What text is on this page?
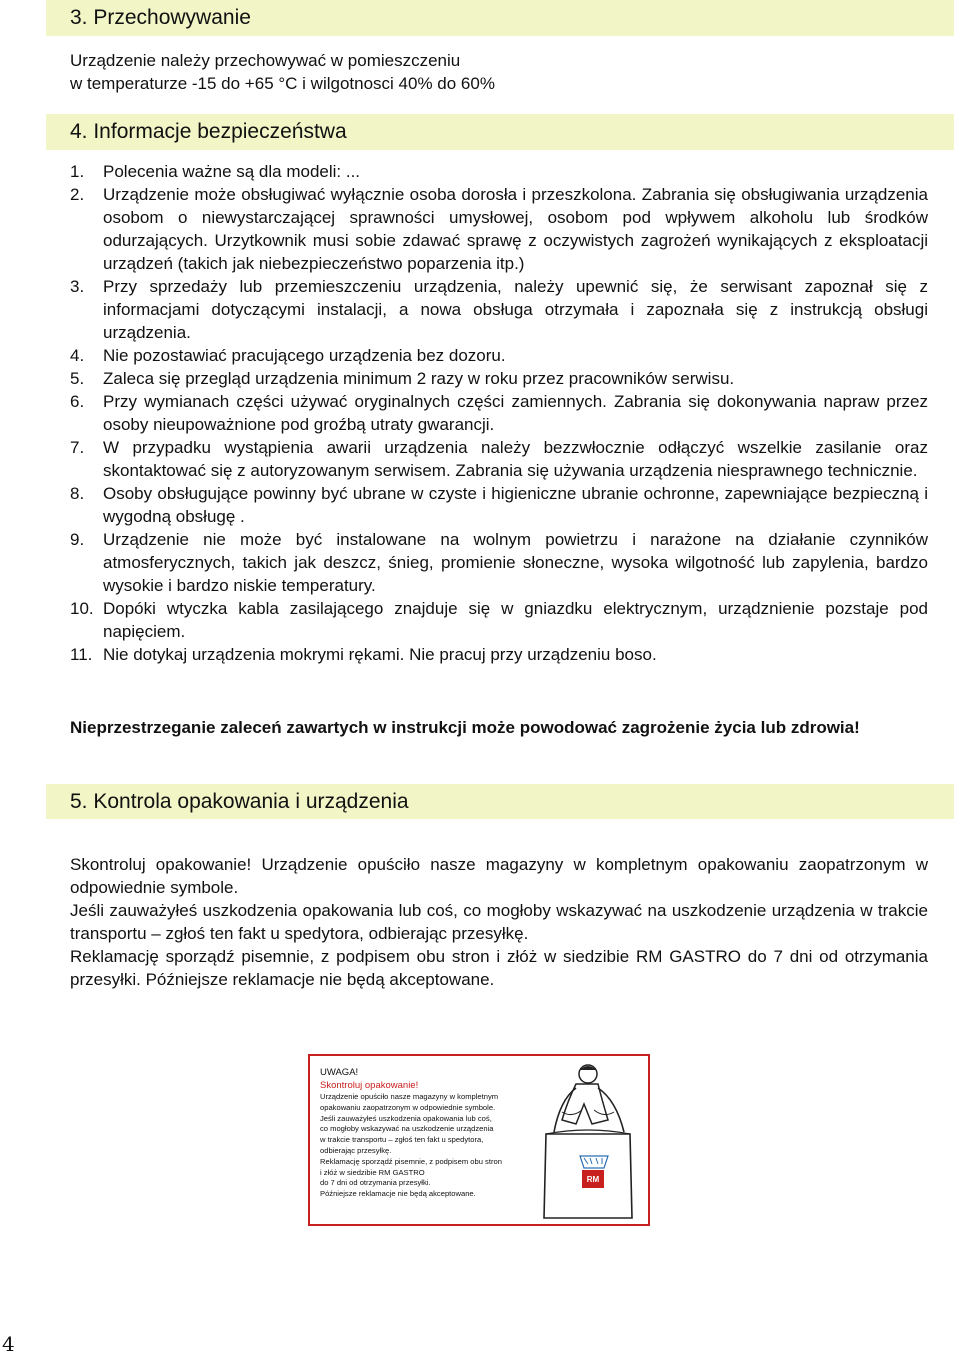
3. Przechowywanie

Urządzenie należy przechowywać w pomieszczeniu
w temperaturze -15 do +65 °C i wilgotnosci 40% do 60%

4. Informacje bezpieczeństwa
1.	Polecenia ważne są dla modeli: ...
2.	Urządzenie może obsługiwać wyłącznie osoba dorosła i przeszkolona. Zabrania się obsługiwania urządzenia osobom o niewystarczającej sprawności umysłowej, osobom pod wpływem alkoholu lub środków odurzających. Urzytkownik musi sobie zdawać sprawę z oczywistych zagrożeń wynikających z eksploatacji urządzeń (takich jak niebezpieczeństwo poparzenia itp.)
3.	Przy sprzedaży lub przemieszczeniu urządzenia, należy upewnić się, że serwisant zapoznał się z informacjami dotyczącymi instalacji, a nowa obsługa otrzymała i zapoznała się z instrukcją obsługi urządzenia.
4.	Nie pozostawiać pracującego urządzenia bez dozoru.
5.	Zaleca się przegląd urządzenia minimum 2 razy w roku przez pracowników serwisu.
6.	Przy wymianach części używać oryginalnych części zamiennych. Zabrania się dokonywania napraw przez osoby nieupoważnione pod groźbą utraty gwarancji.
7.	W przypadku wystąpienia awarii urządzenia należy bezzwłocznie odłączyć wszelkie zasilanie oraz skontaktować się z autoryzowanym serwisem. Zabrania się używania urządzenia niesprawnego technicznie.
8.	Osoby obsługujące powinny być ubrane w czyste i higieniczne ubranie ochronne, zapewniające bezpieczną i wygodną obsługę .
9.	Urządzenie nie może być instalowane na wolnym powietrzu i narażone na działanie czynników atmosferycznych, takich jak deszcz, śnieg, promienie słoneczne, wysoka wilgotność lub zapylenia, bardzo wysokie i bardzo niskie temperatury.
10. Dopóki wtyczka kabla zasilającego znajduje się w gniazdku elektrycznym, urządznienie pozstaje pod napięciem.
11. Nie dotykaj urządzenia mokrymi rękami. Nie pracuj przy urządzeniu boso.

Nieprzestrzeganie zaleceń zawartych w instrukcji może powodować zagrożenie życia lub zdrowia!

5. Kontrola opakowania i urządzenia

Skontroluj opakowanie! Urządzenie opuściło nasze magazyny w kompletnym opakowaniu zaopatrzonym w odpowiednie symbole.

Jeśli zauważyłeś uszkodzenia opakowania lub coś, co mogłoby wskazywać na uszkodzenie urządzenia w trakcie transportu – zgłoś ten fakt u spedytora, odbierając przesyłkę.

Reklamację sporządź pisemnie, z podpisem obu stron i złóż w siedzibie RM GASTRO do 7 dni od otrzymania przesyłki. Późniejsze reklamacje nie będą akceptowane.

UWAGA!
Skontroluj opakowanie!
Urządzenie opuściło nasze magazyny w kompletnym
opakowaniu zaopatrzonym w odpowiednie symbole.
Jeśli zauważyłeś uszkodzenia opakowania lub coś,
co mogłoby wskazywać na uszkodzenie urządzenia
w trakcie transportu – zgłoś ten fakt u spedytora,
odbierając przesyłkę.
Reklamację sporządź pisemnie, z podpisem obu stron
i złóż w siedzibie RM GASTRO
do 7 dni od otrzymania przesyłki.
Późniejsze reklamacje nie będą akceptowane.
RM
4
